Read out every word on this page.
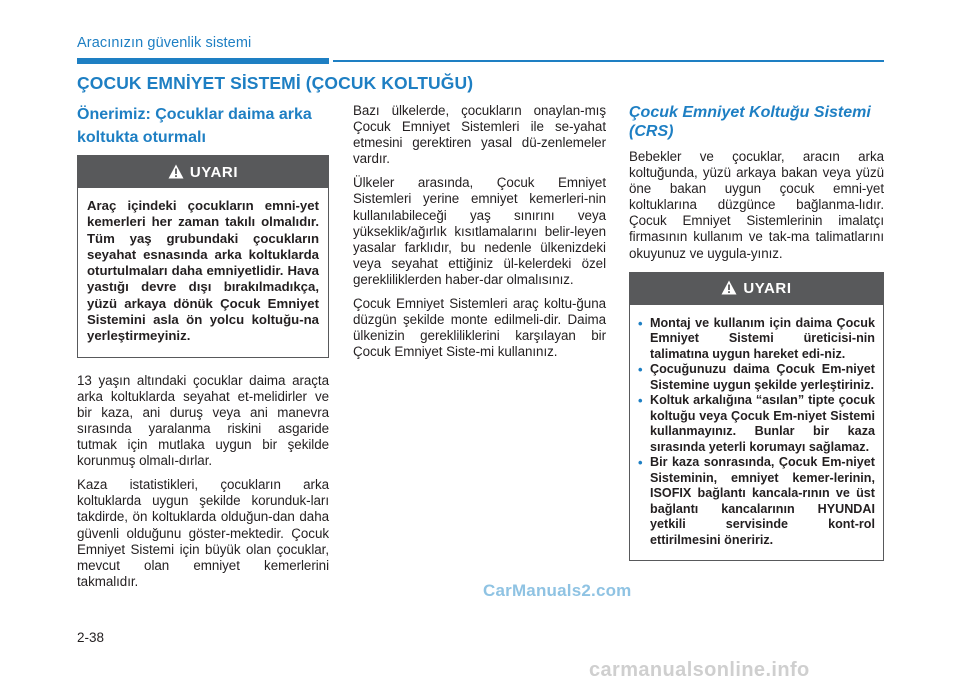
Aracınızın güvenlik sistemi
ÇOCUK EMNİYET SİSTEMİ (ÇOCUK KOLTUĞU)
Önerimiz: Çocuklar daima arka koltukta oturmalı
UYARI
Araç içindeki çocukların emni-yet kemerleri her zaman takılı olmalıdır. Tüm yaş grubundaki çocukların seyahat esnasında arka koltuklarda oturtulmaları daha emniyetlidir. Hava yastığı devre dışı bırakılmadıkça, yüzü arkaya dönük Çocuk Emniyet Sistemini asla ön yolcu koltuğu-na yerleştirmeyiniz.

13 yaşın altındaki çocuklar daima araçta arka koltuklarda seyahat et-melidirler ve bir kaza, ani duruş veya ani manevra sırasında yaralanma riskini asgaride tutmak için mutlaka uygun bir şekilde korunmuş olmalı-dırlar.

Kaza istatistikleri, çocukların arka koltuklarda uygun şekilde korunduk-ları takdirde, ön koltuklarda olduğun-dan daha güvenli olduğunu göster-mektedir. Çocuk Emniyet Sistemi için büyük olan çocuklar, mevcut olan emniyet kemerlerini takmalıdır.

Bazı ülkelerde, çocukların onaylan-mış Çocuk Emniyet Sistemleri ile se-yahat etmesini gerektiren yasal dü-zenlemeler vardır.

Ülkeler arasında, Çocuk Emniyet Sistemleri yerine emniyet kemerleri-nin kullanılabileceği yaş sınırını veya yükseklik/ağırlık kısıtlamalarını belir-leyen yasalar farklıdır, bu nedenle ülkenizdeki veya seyahat ettiğiniz ül-kelerdeki özel gerekliliklerden haber-dar olmalısınız.

Çocuk Emniyet Sistemleri araç koltu-ğuna düzgün şekilde monte edilmeli-dir. Daima ülkenizin gerekliliklerini karşılayan bir Çocuk Emniyet Siste-mi kullanınız.

Çocuk Emniyet Koltuğu Sistemi (CRS)

Bebekler ve çocuklar, aracın arka koltuğunda, yüzü arkaya bakan veya yüzü öne bakan uygun çocuk emni-yet koltuklarına düzgünce bağlanma-lıdır. Çocuk Emniyet Sistemlerinin imalatçı firmasının kullanım ve tak-ma talimatlarını okuyunuz ve uygula-yınız.

UYARI
• Montaj ve kullanım için daima Çocuk Emniyet Sistemi üreticisi-nin talimatına uygun hareket edi-niz.
• Çocuğunuzu daima Çocuk Em-niyet Sistemine uygun şekilde yerleştiriniz.
• Koltuk arkalığına “asılan” tipte çocuk koltuğu veya Çocuk Em-niyet Sistemi kullanmayınız. Bunlar bir kaza sırasında yeterli korumayı sağlamaz.
• Bir kaza sonrasında, Çocuk Em-niyet Sisteminin, emniyet kemer-lerinin, ISOFIX bağlantı kancala-rının ve üst bağlantı kancalarının HYUNDAI yetkili servisinde kont-rol ettirilmesini öneririz.
CarManuals2.com
2-38
carmanualsonline.info
